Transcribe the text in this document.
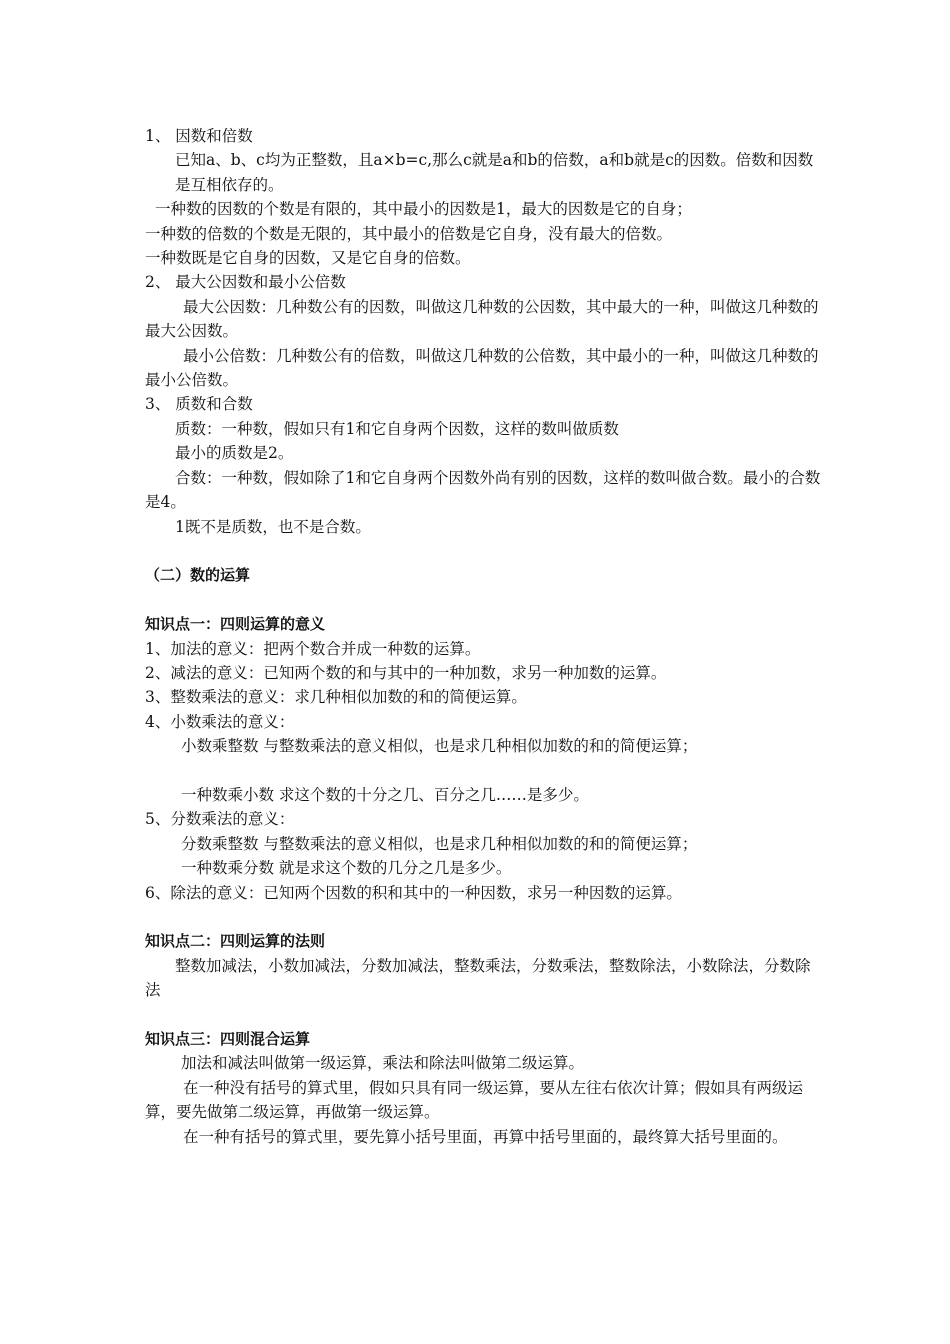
1、 因数和倍数
已知a、b、c均为正整数，且a×b=c,那么c就是a和b的倍数，a和b就是c的因数。倍数和因数是互相依存的。
一种数的因数的个数是有限的，其中最小的因数是1，最大的因数是它的自身；
一种数的倍数的个数是无限的，其中最小的倍数是它自身，没有最大的倍数。
一种数既是它自身的因数，又是它自身的倍数。
2、 最大公因数和最小公倍数
最大公因数：几种数公有的因数，叫做这几种数的公因数，其中最大的一种，叫做这几种数的最大公因数。
最小公倍数：几种数公有的倍数，叫做这几种数的公倍数，其中最小的一种，叫做这几种数的最小公倍数。
3、 质数和合数
质数：一种数，假如只有1和它自身两个因数，这样的数叫做质数
最小的质数是2。
合数：一种数，假如除了1和它自身两个因数外尚有别的因数，这样的数叫做合数。最小的合数是4。
1既不是质数，也不是合数。
（二）数的运算
知识点一：四则运算的意义
1、加法的意义：把两个数合并成一种数的运算。
2、减法的意义：已知两个数的和与其中的一种加数，求另一种加数的运算。
3、整数乘法的意义：求几种相似加数的和的简便运算。
4、小数乘法的意义：
小数乘整数 与整数乘法的意义相似，也是求几种相似加数的和的简便运算；
一种数乘小数 求这个数的十分之几、百分之几……是多少。
5、分数乘法的意义：
分数乘整数 与整数乘法的意义相似，也是求几种相似加数的和的简便运算；
一种数乘分数 就是求这个数的几分之几是多少。
6、除法的意义：已知两个因数的积和其中的一种因数，求另一种因数的运算。
知识点二：四则运算的法则
整数加减法，小数加减法，分数加减法，整数乘法，分数乘法，整数除法，小数除法，分数除法
知识点三：四则混合运算
加法和减法叫做第一级运算，乘法和除法叫做第二级运算。
在一种没有括号的算式里，假如只具有同一级运算，要从左往右依次计算；假如具有两级运算，要先做第二级运算，再做第一级运算。
在一种有括号的算式里，要先算小括号里面，再算中括号里面的，最终算大括号里面的。
